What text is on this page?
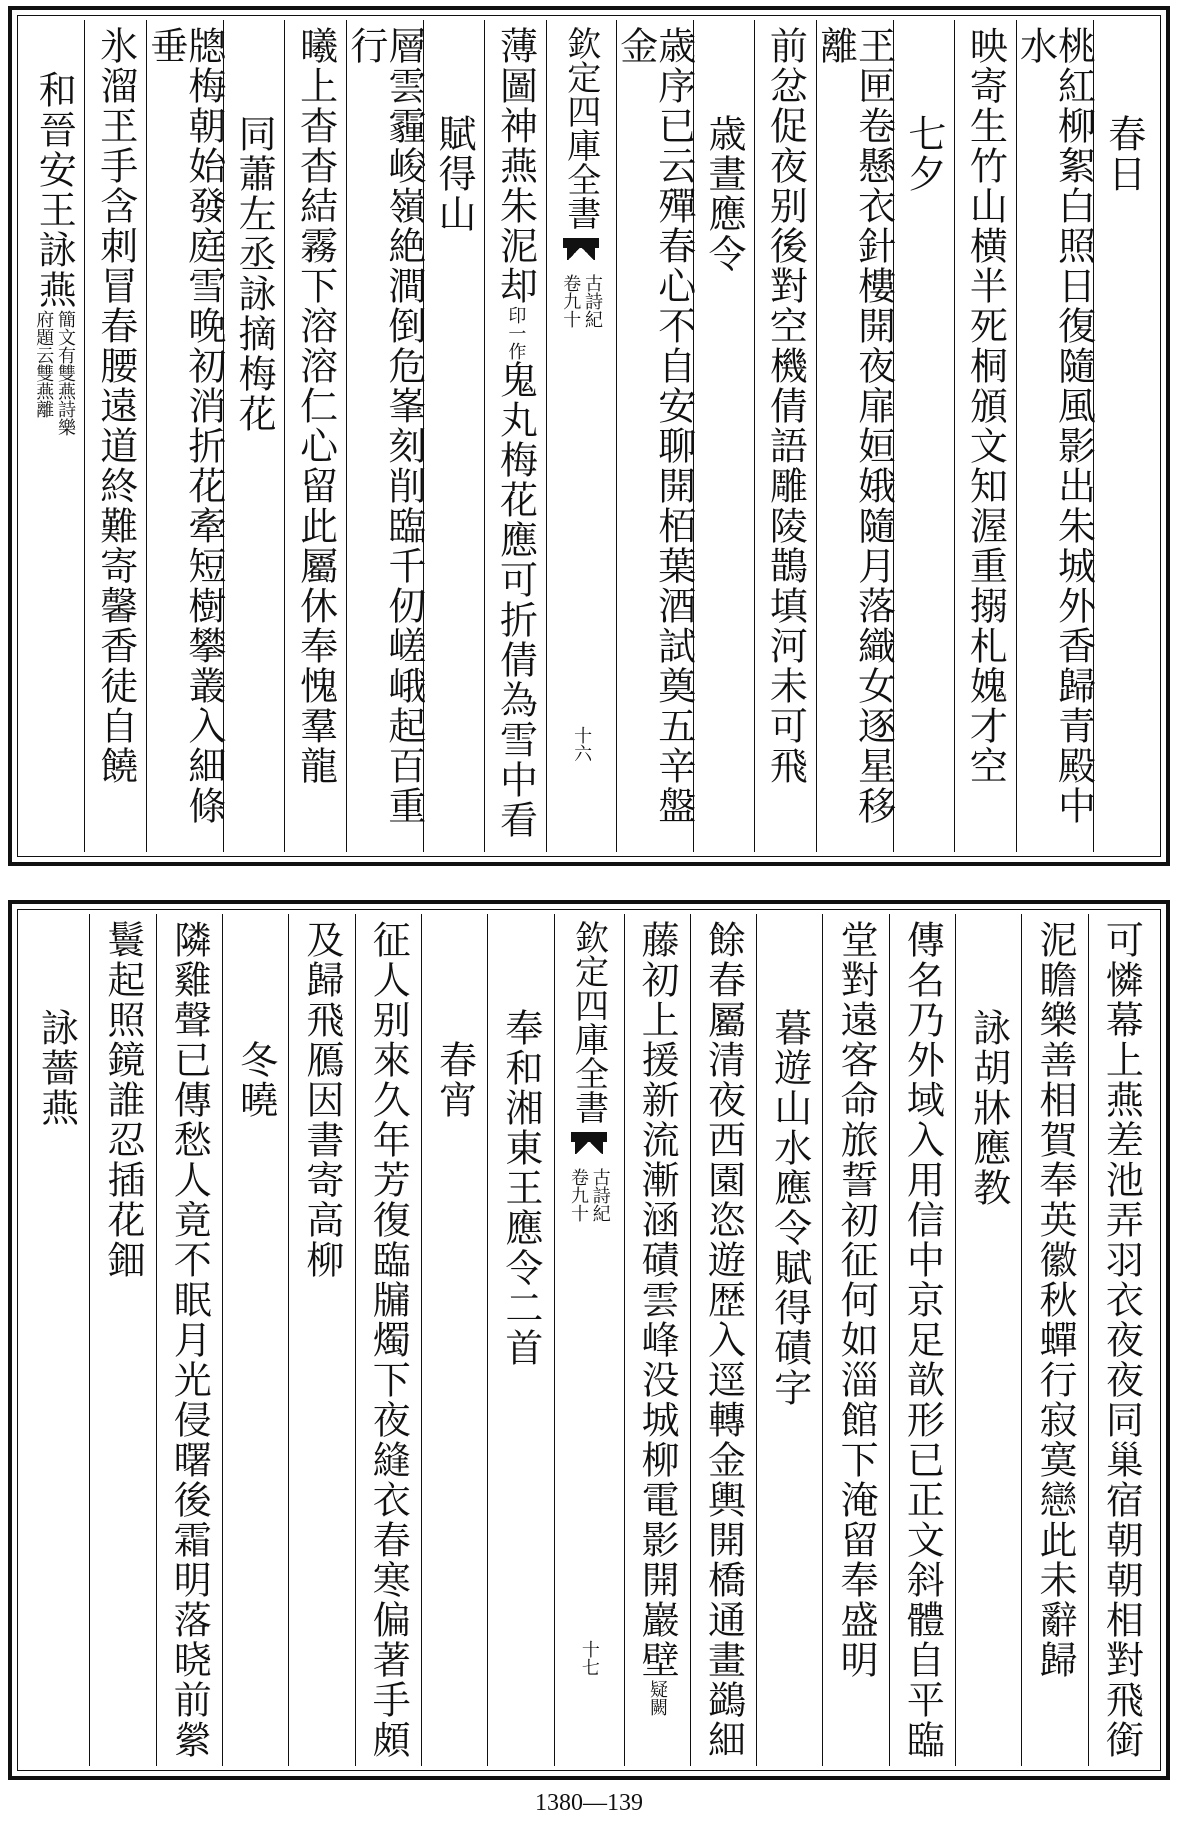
春日
桃紅柳絮白照日復隨風影出朱城外香歸青殿中水
映寄生竹山横半死桐頒文知渥重搦札媿才空
七夕
玊匣卷懸衣針樓開夜扉姮娥隨月落織女逐星移離
前忿促夜别後對空機倩語雕陵鵲填河未可飛
歳晝應令
歳序已云殫春心不自安聊開栢葉酒試奠五辛盤金
欽定四庫全書
古詩紀
卷九十
十六
薄圖神燕朱泥却
印一作
鬼丸梅花應可折倩為雪中看
賦得山
層雲霾峻嶺絶澗倒危峯刻削臨千仞嵯峨起百重行
曦上杳杳結霧下溶溶仁心留此屬休奉愧羣龍
同蕭左丞詠摘梅花
牕梅朝始發庭雪晚初消折花牽短樹攀叢入細條垂
氷溜玊手含刺冒春腰遠道終難寄馨香徒自饒
和晉安王詠燕
簡文有雙燕詩樂
府題云雙燕離
可憐幕上燕差池弄羽衣夜夜同巢宿朝朝相對飛銜
泥瞻樂善相賀奉英徽秋蟬行寂寞戀此未辭歸
詠胡牀應教
傳名乃外域入用信中京足歆形已正文斜體自平臨
堂對遠客命旅誓初征何如淄館下淹留奉盛明
暮遊山水應令賦得磧字
餘春屬清夜西園恣遊歴入逕轉金輿開橋通畫鷁細
藤初上援新流漸涵磧雲峰没城柳電影開巖壁
疑闕
欽定四庫全書
古詩紀
卷九十
十七
奉和湘東王應令二首
春宵
征人别來久年芳復臨牖燭下夜縫衣春寒偏著手頗
及歸飛鴈因書寄高柳
冬曉
隣雞聲已傳愁人竟不眠月光侵曙後霜明落晓前縈
鬟起照鏡誰忍插花鈿
詠薔燕
1380—139
